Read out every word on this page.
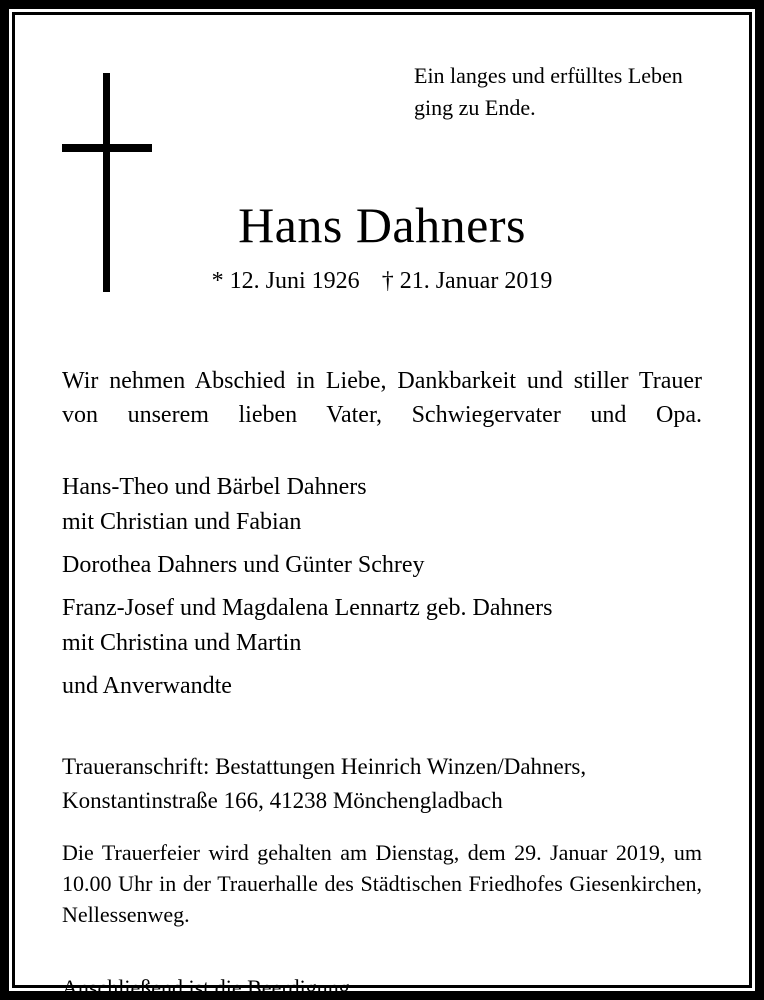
Ein langes und erfülltes Leben
ging zu Ende.
Hans Dahners
* 12. Juni 1926 † 21. Januar 2019

Wir nehmen Abschied in Liebe, Dankbarkeit und stiller Trauer von unserem lieben Vater, Schwiegervater und Opa.

Hans-Theo und Bärbel Dahners
mit Christian und Fabian
Dorothea Dahners und Günter Schrey
Franz-Josef und Magdalena Lennartz geb. Dahners
mit Christina und Martin
und Anverwandte
Traueranschrift: Bestattungen Heinrich Winzen/Dahners,
Konstantinstraße 166, 41238 Mönchengladbach

Die Trauerfeier wird gehalten am Dienstag, dem 29. Januar 2019, um 10.00 Uhr in der Trauerhalle des Städtischen Friedhofes Giesenkirchen, Nellessenweg.

Anschließend ist die Beerdigung.
